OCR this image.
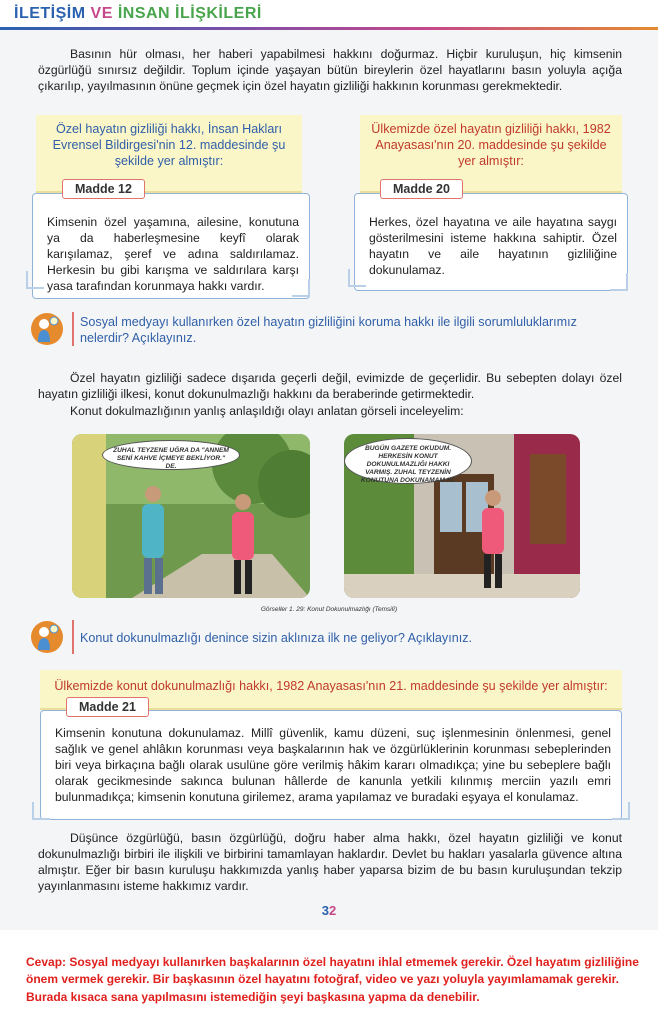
İLETİŞİM VE İNSAN İLİŞKİLERİ
Basının hür olması, her haberi yapabilmesi hakkını doğurmaz. Hiçbir kuruluşun, hiç kimsenin özgürlüğü sınırsız değildir. Toplum içinde yaşayan bütün bireylerin özel hayatlarını basın yoluyla açığa çıkarılıp, yayılmasının önüne geçmek için özel hayatın gizliliği hakkının korunması gerekmektedir.
Özel hayatın gizliliği hakkı, İnsan Hakları Evrensel Bildirgesi'nin 12. maddesinde şu şekilde yer almıştır:
Kimsenin özel yaşamına, ailesine, konutuna ya da haberleşmesine keyfî olarak karışılamaz, şeref ve adına saldırılamaz. Herkesin bu gibi karışma ve saldırılara karşı yasa tarafından korunmaya hakkı vardır.
Madde 12
Ülkemizde özel hayatın gizliliği hakkı, 1982 Anayasası'nın 20. maddesinde şu şekilde yer almıştır:
Herkes, özel hayatına ve aile hayatına saygı gösterilmesini isteme hakkına sahiptir. Özel hayatın ve aile hayatının gizliliğine dokunulamaz.
Madde 20
Sosyal medyayı kullanırken özel hayatın gizliliğini koruma hakkı ile ilgili sorumluluklarımız nelerdir? Açıklayınız.
Özel hayatın gizliliği sadece dışarıda geçerli değil, evimizde de geçerlidir. Bu sebepten dolayı özel hayatın gizliliği ilkesi, konut dokunulmazlığı hakkını da beraberinde getirmektedir.
Konut dokulmazlığının yanlış anlaşıldığı olayı anlatan görseli inceleyelim:
ZUHAL TEYZENE UĞRA DA "ANNEM SENİ KAHVE İÇMEYE BEKLİYOR." DE.
BUGÜN GAZETE OKUDUM. HERKESİN KONUT DOKUNULMAZLIĞI HAKKI VARMIŞ. ZUHAL TEYZENİN KONUTUNA DOKUNAMAM Kİ.
Görseller 1. 29: Konut Dokunulmazlığı (Temsilî)
Konut dokunulmazlığı denince sizin aklınıza ilk ne geliyor? Açıklayınız.
Ülkemizde konut dokunulmazlığı hakkı, 1982 Anayasası'nın 21. maddesinde şu şekilde yer almıştır:
Kimsenin konutuna dokunulamaz. Millî güvenlik, kamu düzeni, suç işlenmesinin önlenmesi, genel sağlık ve genel ahlâkın korunması veya başkalarının hak ve özgürlüklerinin korunması sebeplerinden biri veya birkaçına bağlı olarak usulüne göre verilmiş hâkim kararı olmadıkça; yine bu sebeplere bağlı olarak gecikmesinde sakınca bulunan hâllerde de kanunla yetkili kılınmış merciin yazılı emri bulunmadıkça; kimsenin konutuna girilemez, arama yapılamaz ve buradaki eşyaya el konulamaz.
Madde 21
Düşünce özgürlüğü, basın özgürlüğü, doğru haber alma hakkı, özel hayatın gizliliği ve konut dokunulmazlığı birbiri ile ilişkili ve birbirini tamamlayan haklardır. Devlet bu hakları yasalarla güvence altına almıştır. Eğer bir basın kuruluşu hakkımızda yanlış haber yaparsa bizim de bu basın kuruluşundan tekzip yayınlanmasını isteme hakkımız vardır.
32
Cevap: Sosyal medyayı kullanırken başkalarının özel hayatını ihlal etmemek gerekir. Özel hayatım gizliliğine önem vermek gerekir. Bir başkasının özel hayatını fotoğraf, video ve yazı yoluyla yayımlamamak gerekir. Burada kısaca sana yapılmasını istemediğin şeyi başkasına yapma da denebilir.
